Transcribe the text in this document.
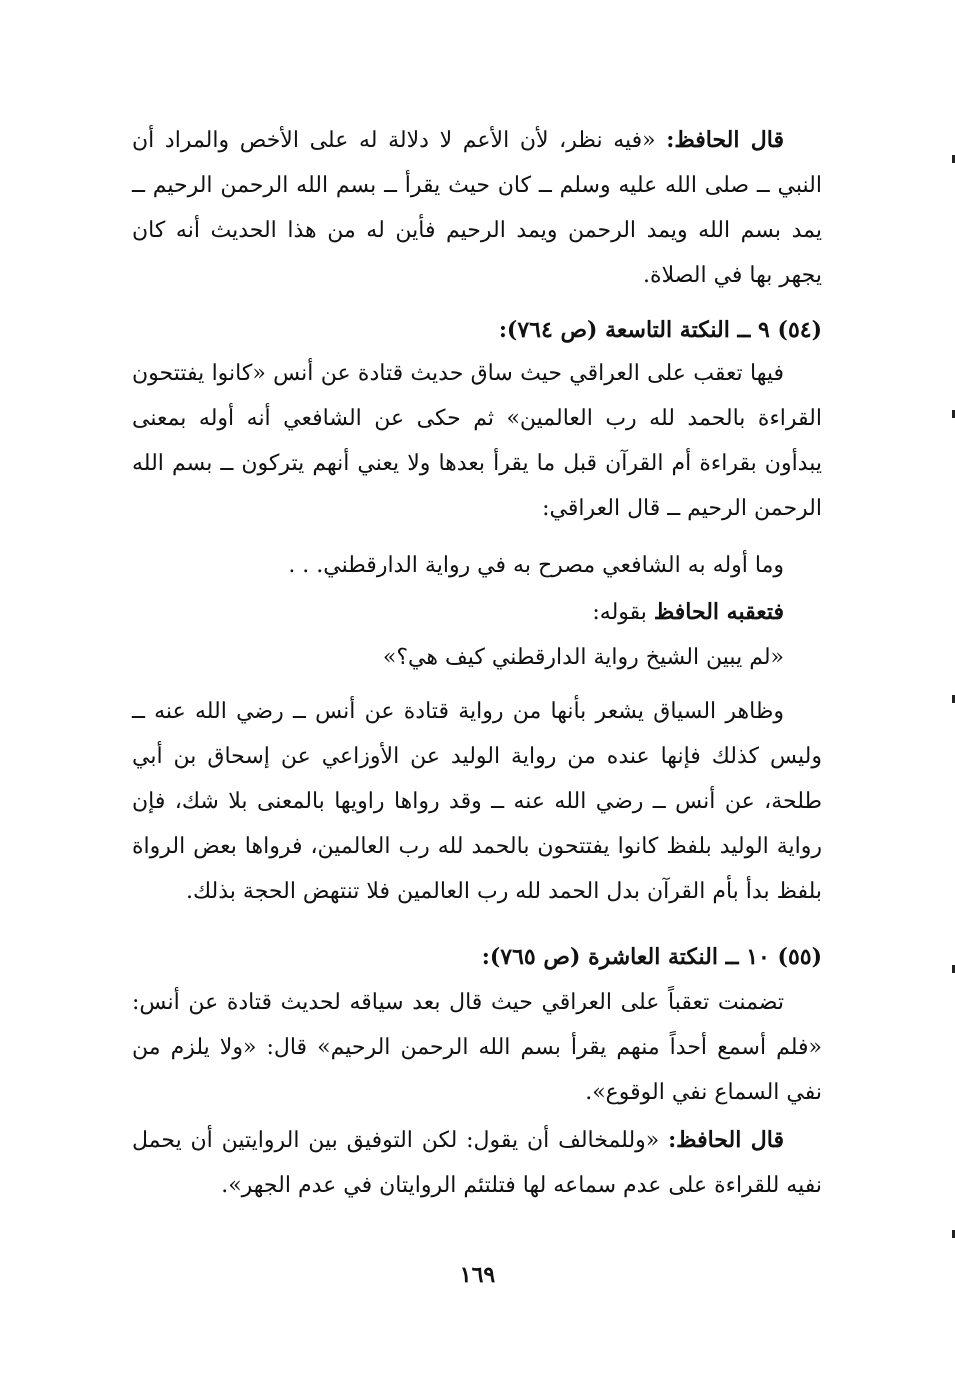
قال الحافظ: «فيه نظر، لأن الأعم لا دلالة له على الأخص والمراد أن النبي ــ صلى الله عليه وسلم ــ كان حيث يقرأ ــ بسم الله الرحمن الرحيم ــ يمد بسم الله ويمد الرحمن ويمد الرحيم فأين له من هذا الحديث أنه كان يجهر بها في الصلاة.
(٥٤) ٩ ــ النكتة التاسعة (ص ٧٦٤):
فيها تعقب على العراقي حيث ساق حديث قتادة عن أنس «كانوا يفتتحون القراءة بالحمد لله رب العالمين» ثم حكى عن الشافعي أنه أوله بمعنى يبدأون بقراءة أم القرآن قبل ما يقرأ بعدها ولا يعني أنهم يتركون ــ بسم الله الرحمن الرحيم ــ قال العراقي:
وما أوله به الشافعي مصرح به في رواية الدارقطني. . .
فتعقبه الحافظ بقوله:
«لم يبين الشيخ رواية الدارقطني كيف هي؟»
وظاهر السياق يشعر بأنها من رواية قتادة عن أنس ــ رضي الله عنه ــ وليس كذلك فإنها عنده من رواية الوليد عن الأوزاعي عن إسحاق بن أبي طلحة، عن أنس ــ رضي الله عنه ــ وقد رواها راويها بالمعنى بلا شك، فإن رواية الوليد بلفظ كانوا يفتتحون بالحمد لله رب العالمين، فرواها بعض الرواة بلفظ بدأ بأم القرآن بدل الحمد لله رب العالمين فلا تنتهض الحجة بذلك.
(٥٥) ١٠ ــ النكتة العاشرة (ص ٧٦٥):
تضمنت تعقباً على العراقي حيث قال بعد سياقه لحديث قتادة عن أنس: «فلم أسمع أحداً منهم يقرأ بسم الله الرحمن الرحيم» قال: «ولا يلزم من نفي السماع نفي الوقوع».
قال الحافظ: «وللمخالف أن يقول: لكن التوفيق بين الروايتين أن يحمل نفيه للقراءة على عدم سماعه لها فتلتئم الروايتان في عدم الجهر».
١٦٩
